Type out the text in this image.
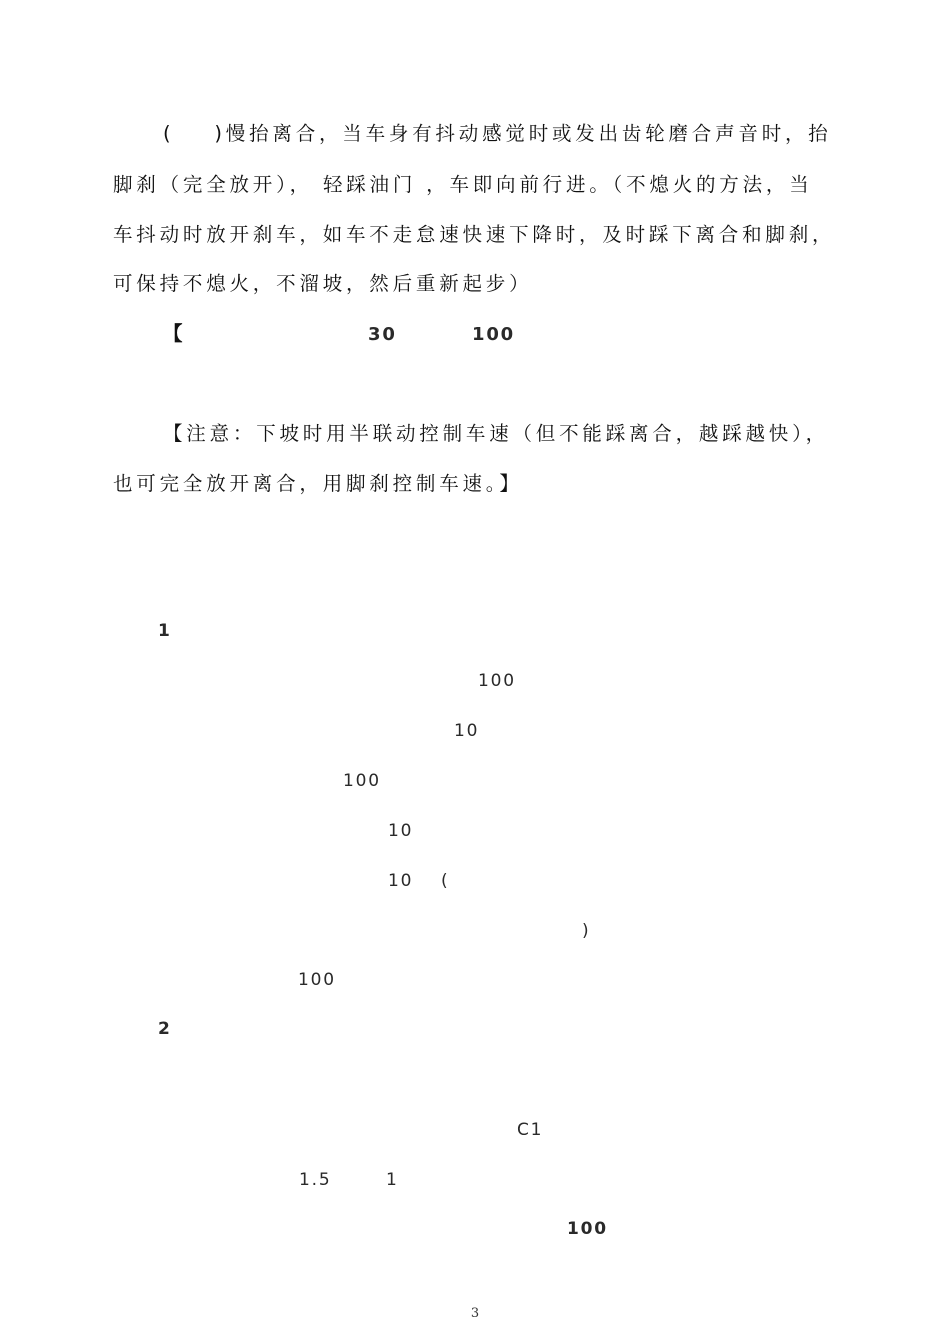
(    )慢抬离合，当车身有抖动感觉时或发出齿轮磨合声音时，抬
脚刹（完全放开）， 轻踩油门 ，车即向前行进。（不熄火的方法，当
车抖动时放开刹车，如车不走怠速快速下降时，及时踩下离合和脚刹，
可保持不熄火，不溜坡，然后重新起步）
【	30	100
【注意：下坡时用半联动控制车速（但不能踩离合，越踩越快），
也可完全放开离合，用脚刹控制车速。】
1
100
10
100
10
10 (
)
100
2
C1
1.5	1
100
3
